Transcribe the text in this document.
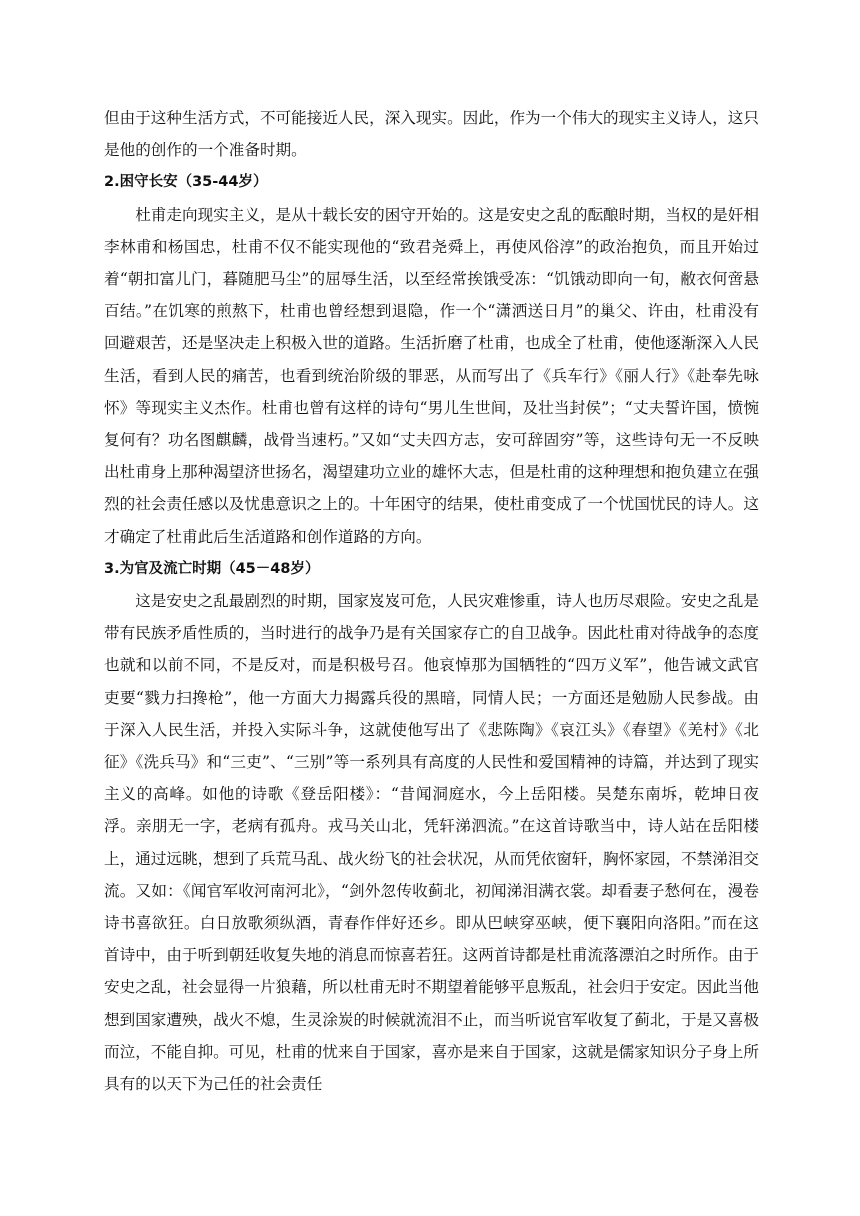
但由于这种生活方式，不可能接近人民，深入现实。因此，作为一个伟大的现实主义诗人，这只是他的创作的一个准备时期。

2.困守长安（35-44岁）

杜甫走向现实主义，是从十载长安的困守开始的。这是安史之乱的酝酿时期，当权的是奸相李林甫和杨国忠，杜甫不仅不能实现他的“致君尧舜上，再使风俗淳”的政治抱负，而且开始过着“朝扣富儿门，暮随肥马尘”的屈辱生活，以至经常挨饿受冻：“饥饿动即向一旬，敝衣何啻悬百结。”在饥寒的煎熬下，杜甫也曾经想到退隐，作一个“潇洒送日月”的巢父、许由，杜甫没有回避艰苦，还是坚决走上积极入世的道路。生活折磨了杜甫，也成全了杜甫，使他逐渐深入人民生活，看到人民的痛苦，也看到统治阶级的罪恶，从而写出了《兵车行》《丽人行》《赴奉先咏怀》等现实主义杰作。杜甫也曾有这样的诗句“男儿生世间，及壮当封侯”；“丈夫誓许国，愤惋复何有？功名图麒麟，战骨当速朽。”又如“丈夫四方志，安可辞固穷”等，这些诗句无一不反映出杜甫身上那种渴望济世扬名，渴望建功立业的雄怀大志，但是杜甫的这种理想和抱负建立在强烈的社会责任感以及忧患意识之上的。十年困守的结果，使杜甫变成了一个忧国忧民的诗人。这才确定了杜甫此后生活道路和创作道路的方向。

3.为官及流亡时期（45－48岁）

这是安史之乱最剧烈的时期，国家岌岌可危，人民灾难惨重，诗人也历尽艰险。安史之乱是带有民族矛盾性质的，当时进行的战争乃是有关国家存亡的自卫战争。因此杜甫对待战争的态度也就和以前不同，不是反对，而是积极号召。他哀悼那为国牺牲的“四万义军”，他告诫文武官吏要“戮力扫搀枪”，他一方面大力揭露兵役的黑暗，同情人民；一方面还是勉励人民参战。由于深入人民生活，并投入实际斗争，这就使他写出了《悲陈陶》《哀江头》《春望》《羌村》《北征》《洗兵马》和“三吏”、“三别”等一系列具有高度的人民性和爱国精神的诗篇，并达到了现实主义的高峰。如他的诗歌《登岳阳楼》：“昔闻洞庭水，今上岳阳楼。吴楚东南坼，乾坤日夜浮。亲朋无一字，老病有孤舟。戎马关山北，凭轩涕泗流。”在这首诗歌当中，诗人站在岳阳楼上，通过远眺，想到了兵荒马乱、战火纷飞的社会状况，从而凭依窗轩，胸怀家园，不禁涕泪交流。又如：《闻官军收河南河北》，“剑外忽传收蓟北，初闻涕泪满衣裳。却看妻子愁何在，漫卷诗书喜欲狂。白日放歌须纵酒，青春作伴好还乡。即从巴峡穿巫峡，便下襄阳向洛阳。”而在这首诗中，由于听到朝廷收复失地的消息而惊喜若狂。这两首诗都是杜甫流落漂泊之时所作。由于安史之乱，社会显得一片狼藉，所以杜甫无时不期望着能够平息叛乱，社会归于安定。因此当他想到国家遭殃，战火不熄，生灵涂炭的时候就流泪不止，而当听说官军收复了蓟北，于是又喜极而泣，不能自抑。可见，杜甫的忧来自于国家，喜亦是来自于国家，这就是儒家知识分子身上所具有的以天下为己任的社会责任
